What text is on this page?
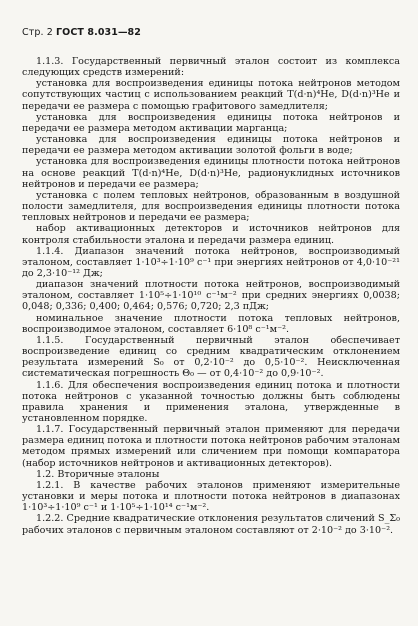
Стр. 2 ГОСТ 8.031—82

1.1.3. Государственный первичный эталон состоит из комплекса следующих средств измерений:

установка для воспроизведения единицы потока нейтронов методом сопутствующих частиц с использованием реакций T(d·n)⁴He, D(d·n)³He и передачи ее размера с помощью графитового замедлителя;

установка для воспроизведения единицы потока нейтронов и передачи ее размера методом активации марганца;

установка для воспроизведения единицы потока нейтронов и передачи ее размера методом активации золотой фольги в воде;

установка для воспроизведения единицы плотности потока нейтронов на основе реакций T(d·n)⁴He, D(d·n)³He, радионуклидных источников нейтронов и передачи ее размера;

установка с полем тепловых нейтронов, образованным в воздушной полости замедлителя, для воспроизведения единицы плотности потока тепловых нейтронов и передачи ее размера;

набор активационных детекторов и источников нейтронов для контроля стабильности эталона и передачи размера единиц.

1.1.4. Диапазон значений потока нейтронов, воспроизводимый эталоном, составляет 1·10³÷1·10⁹ с⁻¹ при энергиях нейтронов от 4,0·10⁻²¹ до 2,3·10⁻¹² Дж;

диапазон значений плотности потока нейтронов, воспроизводимый эталоном, составляет 1·10⁵÷1·10¹⁰ с⁻¹м⁻² при средних энергиях 0,0038; 0,048; 0,336; 0,400; 0,464; 0,576; 0,720; 2,3 пДж;

номинальное значение плотности потока тепловых нейтронов, воспроизводимое эталоном, составляет 6·10⁸ с⁻¹м⁻².

1.1.5. Государственный первичный эталон обеспечивает воспроизведение единиц со средним квадратическим отклонением результата измерений S₀ от 0,2·10⁻² до 0,5·10⁻². Неисключенная систематическая погрешность Θ₀ — от 0,4·10⁻² до 0,9·10⁻².

1.1.6. Для обеспечения воспроизведения единиц потока и плотности потока нейтронов с указанной точностью должны быть соблюдены правила хранения и применения эталона, утвержденные в установленном порядке.

1.1.7. Государственный первичный эталон применяют для передачи размера единиц потока и плотности потока нейтронов рабочим эталонам методом прямых измерений или сличением при помощи компаратора (набор источников нейтронов и активационных детекторов).

1.2. Вторичные эталоны

1.2.1. В качестве рабочих эталонов применяют измерительные установки и меры потока и плотности потока нейтронов в диапазонах 1·10³÷1·10⁹ с⁻¹ и 1·10⁵÷1·10¹⁴ с⁻¹м⁻².

1.2.2. Средние квадратические отклонения результатов сличений S_Σ₀ рабочих эталонов с первичным эталоном составляют от 2·10⁻² до 3·10⁻².
